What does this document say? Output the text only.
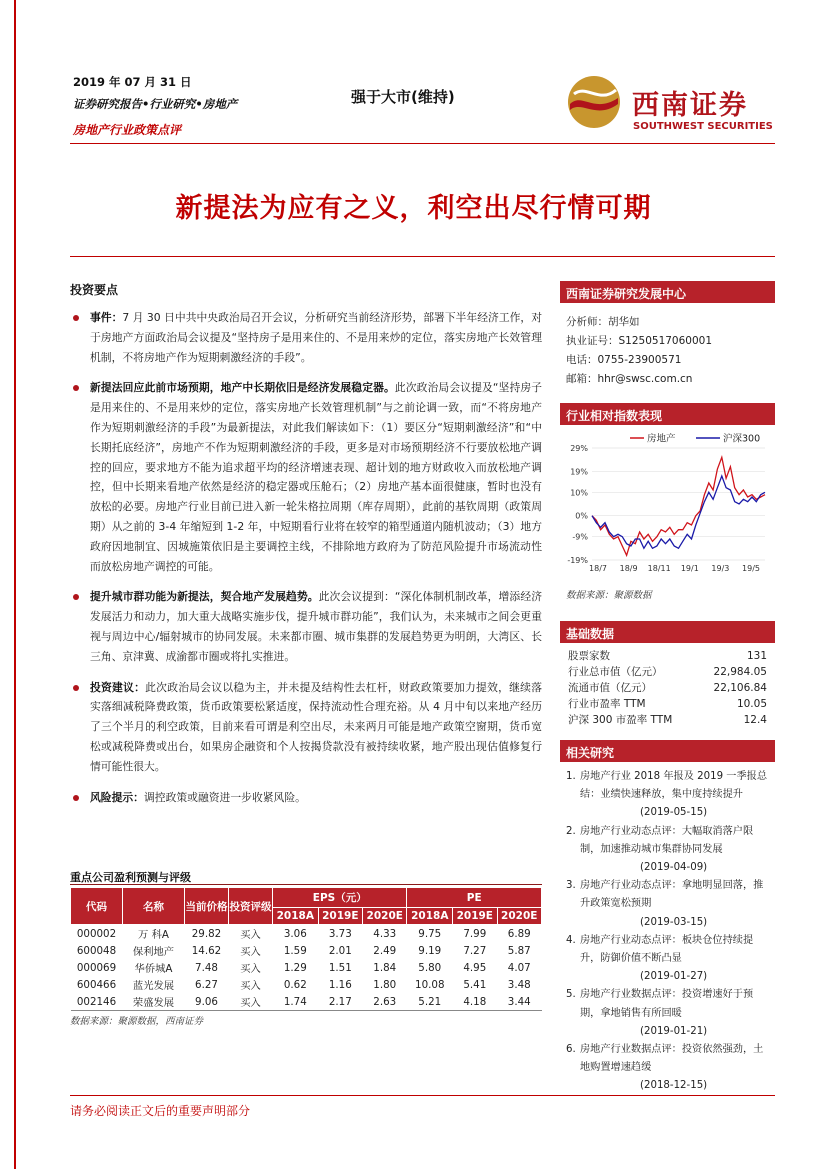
2019 年 07 月 31 日
证券研究报告•行业研究•房地产
房地产行业政策点评
强于大市(维持)	西南证券
SOUTHWEST SECURITIES
新提法为应有之义，利空出尽行情可期
投资要点
事件：7 月 30 日中共中央政治局召开会议，分析研究当前经济形势，部署下半年经济工作，对于房地产方面政治局会议提及“坚持房子是用来住的、不是用来炒的定位，落实房地产长效管理机制，不将房地产作为短期刺激经济的手段”。
新提法回应此前市场预期，地产中长期依旧是经济发展稳定器。此次政治局会议提及“坚持房子是用来住的、不是用来炒的定位，落实房地产长效管理机制”与之前论调一致，而“不将房地产作为短期刺激经济的手段”为最新提法，对此我们解读如下：（1）要区分“短期刺激经济”和“中长期托底经济”，房地产不作为短期刺激经济的手段，更多是对市场预期经济不行要放松地产调控的回应，要求地方不能为追求超平均的经济增速表现、超计划的地方财政收入而放松地产调控，但中长期来看地产依然是经济的稳定器或压舱石；（2）房地产基本面很健康，暂时也没有放松的必要。房地产行业目前已进入新一轮朱格拉周期（库存周期），此前的基钦周期（政策周期）从之前的 3-4 年缩短到 1-2 年，中短期看行业将在较窄的箱型通道内随机波动；（3）地方政府因地制宜、因城施策依旧是主要调控主线，不排除地方政府为了防范风险提升市场流动性而放松房地产调控的可能。
提升城市群功能为新提法，契合地产发展趋势。此次会议提到：“深化体制机制改革，增添经济发展活力和动力，加大重大战略实施步伐，提升城市群功能”，我们认为，未来城市之间会更重视与周边中心/辐射城市的协同发展。未来都市圈、城市集群的发展趋势更为明朗，大湾区、长三角、京津冀、成渝都市圈或将扎实推进。
投资建议：此次政治局会议以稳为主，并未提及结构性去杠杆，财政政策要加力提效，继续落实落细减税降费政策，货币政策要松紧适度，保持流动性合理充裕。从 4 月中旬以来地产经历了三个半月的利空政策，目前来看可谓是利空出尽，未来两月可能是地产政策空窗期，货币宽松或减税降费或出台，如果房企融资和个人按揭贷款没有被持续收紧，地产股出现估值修复行情可能性很大。
风险提示：调控政策或融资进一步收紧风险。
重点公司盈利预测与评级
代码	名称	当前价格	投资评级	EPS（元）			PE		
				2018A	2019E	2020E	2018A	2019E	2020E
000002	万 科A	29.82	买入	3.06	3.73	4.33	9.75	7.99	6.89
600048	保利地产	14.62	买入	1.59	2.01	2.49	9.19	7.27	5.87
000069	华侨城A	7.48	买入	1.29	1.51	1.84	5.80	4.95	4.07
600466	蓝光发展	6.27	买入	0.62	1.16	1.80	10.08	5.41	3.48
002146	荣盛发展	9.06	买入	1.74	2.17	2.63	5.21	4.18	3.44
数据来源：聚源数据，西南证券
西南证券研究发展中心
分析师：胡华如
执业证号：S1250517060001
电话：0755-23900571
邮箱：hhr@swsc.com.cn
行业相对指数表现
29%
19%
10%
0%
-9%
-19%
18/7 18/9 18/11 19/1 19/3 19/5
房地产	沪深300
数据来源：聚源数据
基础数据
股票家数	131
行业总市值（亿元）	22,984.05
流通市值（亿元）	22,106.84
行业市盈率 TTM	10.05
沪深 300 市盈率 TTM	12.4
相关研究
1. 房地产行业 2018 年报及 2019 一季报总结：业绩快速释放，集中度持续提升
(2019-05-15)
2. 房地产行业动态点评：大幅取消落户限制，加速推动城市集群协同发展
(2019-04-09)
3. 房地产行业动态点评：拿地明显回落，推升政策宽松预期
(2019-03-15)
4. 房地产行业动态点评：板块仓位持续提升，防御价值不断凸显
(2019-01-27)
5. 房地产行业数据点评：投资增速好于预期，拿地销售有所回暖
(2019-01-21)
6. 房地产行业数据点评：投资依然强劲，土地购置增速趋缓
(2018-12-15)
请务必阅读正文后的重要声明部分
